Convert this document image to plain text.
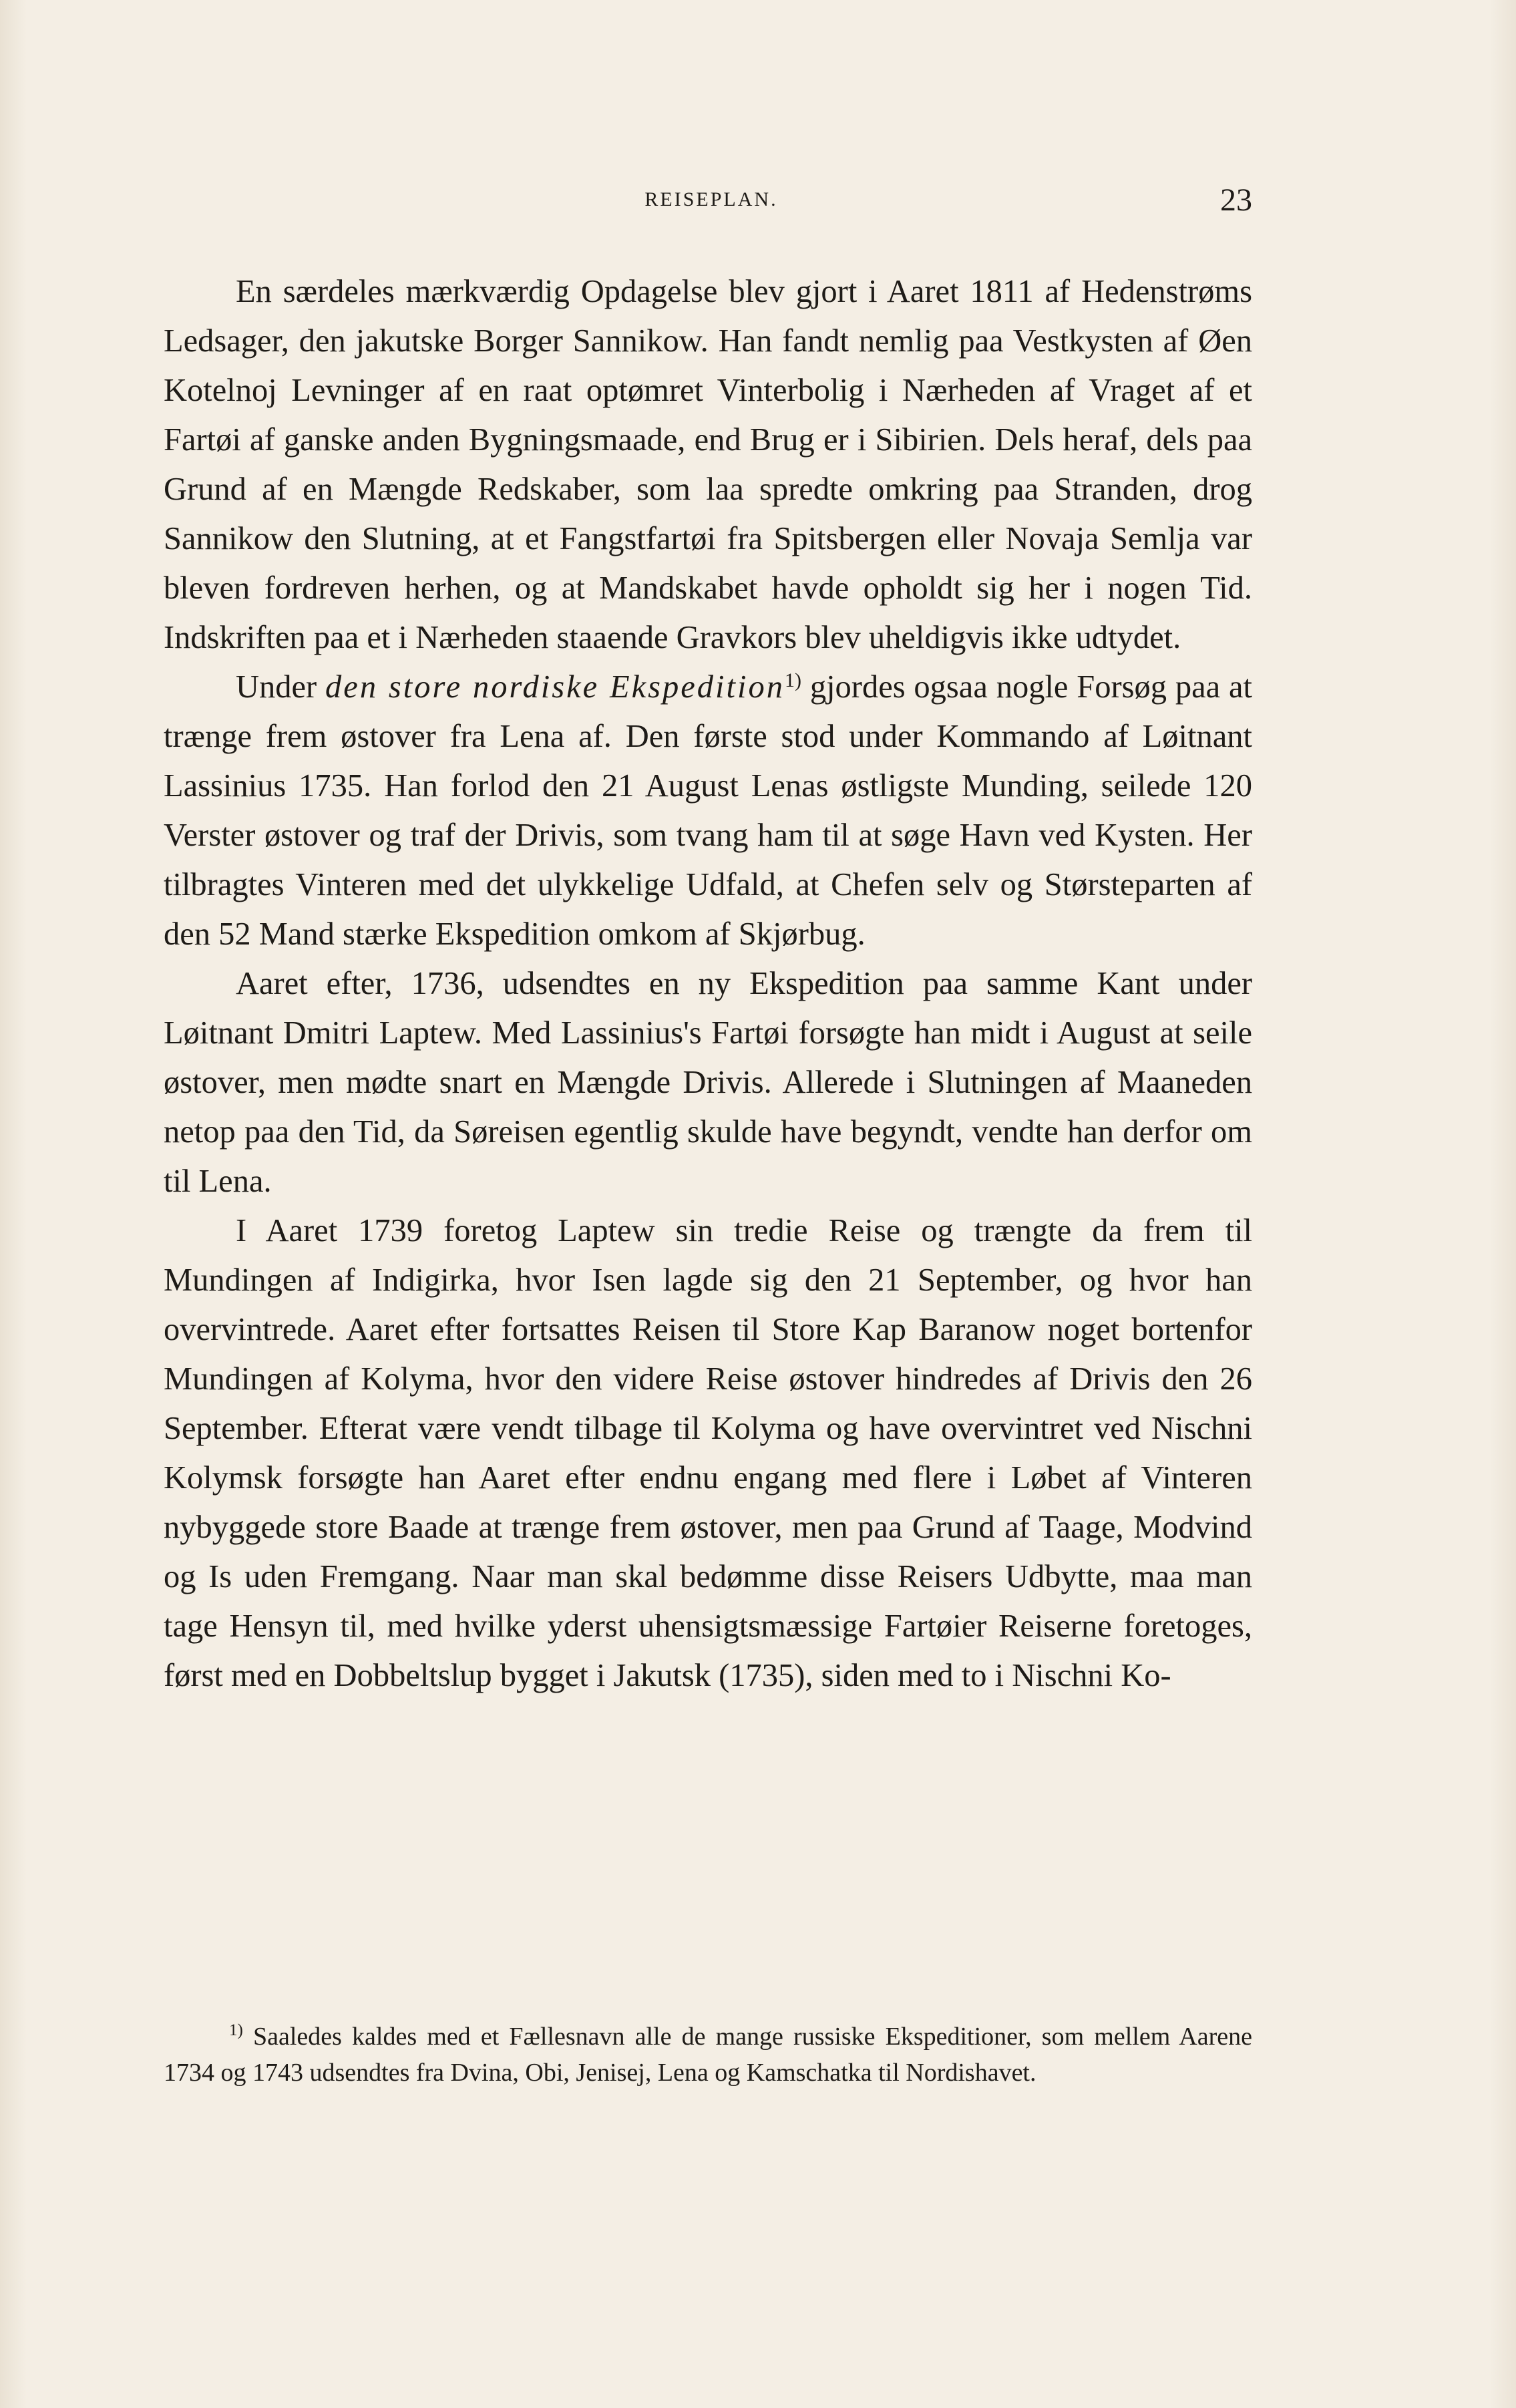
REISEPLAN.	23

En særdeles mærkværdig Opdagelse blev gjort i Aaret 1811 af Hedenstrøms Ledsager, den jakutske Borger Sannikow. Han fandt nemlig paa Vestkysten af Øen Kotelnoj Levninger af en raat optømret Vinterbolig i Nærheden af Vraget af et Fartøi af ganske anden Bygningsmaade, end Brug er i Sibirien. Dels heraf, dels paa Grund af en Mængde Redskaber, som laa spredte omkring paa Stranden, drog Sannikow den Slutning, at et Fangstfartøi fra Spitsbergen eller Novaja Semlja var bleven fordreven herhen, og at Mandskabet havde opholdt sig her i nogen Tid. Indskriften paa et i Nærheden staaende Gravkors blev uheldigvis ikke udtydet.

Under den store nordiske Ekspedition$^{1)}$ gjordes ogsaa nogle Forsøg paa at trænge frem østover fra Lena af. Den første stod under Kommando af Løitnant Lassinius 1735. Han forlod den 21 August Lenas østligste Munding, seilede 120 Verster østover og traf der Drivis, som tvang ham til at søge Havn ved Kysten. Her tilbragtes Vinteren med det ulykkelige Udfald, at Chefen selv og Størsteparten af den 52 Mand stærke Ekspedition omkom af Skjørbug.

Aaret efter, 1736, udsendtes en ny Ekspedition paa samme Kant under Løitnant Dmitri Laptew. Med Lassinius's Fartøi forsøgte han midt i August at seile østover, men mødte snart en Mængde Drivis. Allerede i Slutningen af Maaneden netop paa den Tid, da Søreisen egentlig skulde have begyndt, vendte han derfor om til Lena.

I Aaret 1739 foretog Laptew sin tredie Reise og trængte da frem til Mundingen af Indigirka, hvor Isen lagde sig den 21 September, og hvor han overvintrede. Aaret efter fortsattes Reisen til Store Kap Baranow noget bortenfor Mundingen af Kolyma, hvor den videre Reise østover hindredes af Drivis den 26 September. Efterat være vendt tilbage til Kolyma og have overvintret ved Nischni Kolymsk forsøgte han Aaret efter endnu engang med flere i Løbet af Vinteren nybyggede store Baade at trænge frem østover, men paa Grund af Taage, Modvind og Is uden Fremgang. Naar man skal bedømme disse Reisers Udbytte, maa man tage Hensyn til, med hvilke yderst uhensigtsmæssige Fartøier Reiserne foretoges, først med en Dobbeltslup bygget i Jakutsk (1735), siden med to i Nischni Ko-

$^{1)}$ Saaledes kaldes med et Fællesnavn alle de mange russiske Ekspeditioner, som mellem Aarene 1734 og 1743 udsendtes fra Dvina, Obi, Jenisej, Lena og Kamschatka til Nordishavet.
